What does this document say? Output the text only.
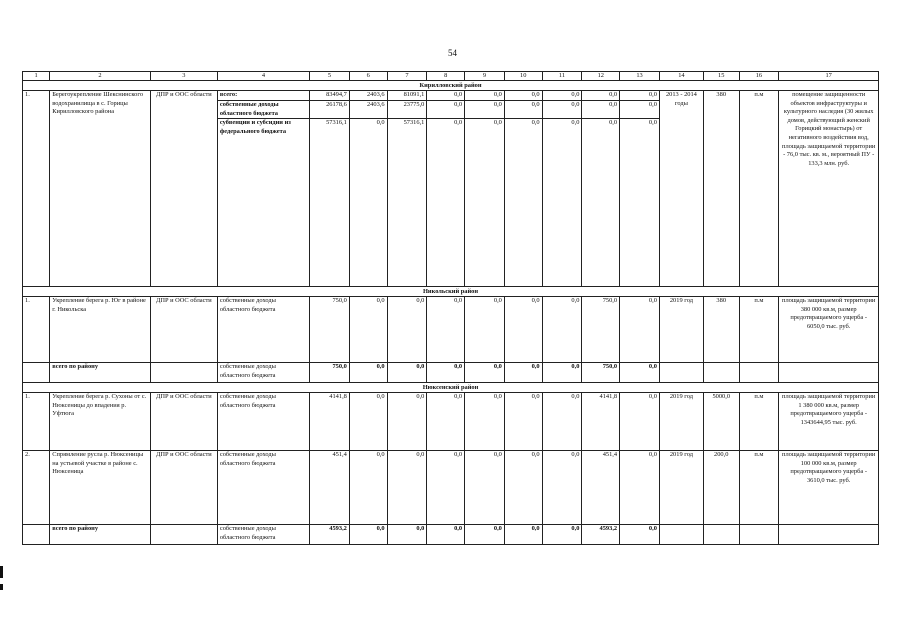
54
1	2	3	4	5	6	7	8	9	10	11	12	13	14	15	16	17
Кирилловский район																
1.	Берегоукрепление Шекснинского водохранилища в с. Горицы Кирилловского района	ДПР и ООС области	всего:	83494,7	2403,6	81091,1	0,0	0,0	0,0	0,0	0,0	0,0	2013 - 2014 годы	380	п.м	помещение защищенности объектов инфраструктуры и культурного наследия (30 жилых домов, действующий женский Горицкий монастырь) от негативного воздействия вод, площадь защищаемой территории - 76,0 тыс. кв. м., вероятный ПУ - 133,3 млн. руб.
			собственные доходы областного бюджета	26178,6	2403,6	23775,0	0,0	0,0	0,0	0,0	0,0	0,0				
			субвенции и субсидии из федерального бюджета	57316,1	0,0	57316,1	0,0	0,0	0,0	0,0	0,0	0,0				
Никольский район																
1.	Укрепление берега р. Юг в районе г. Никольска	ДПР и ООС области	собственные доходы областного бюджета	750,0	0,0	0,0	0,0	0,0	0,0	0,0	750,0	0,0	2019 год	380	п.м	площадь защищаемой территории 380 000 кв.м, размер предотвращаемого ущерба - 6050,0 тыс. руб.
	всего по району		собственные доходы областного бюджета	750,0	0,0	0,0	0,0	0,0	0,0	0,0	750,0	0,0				
Нюксенский район																
1.	Укрепление берега р. Сухоны от с. Нюксеницы до впадения р. Уфтюга	ДПР и ООС области	собственные доходы областного бюджета	4141,8	0,0	0,0	0,0	0,0	0,0	0,0	4141,8	0,0	2019 год	5000,0	п.м	площадь защищаемой территории 1 380 000 кв.м, размер предотвращаемого ущерба - 1343644,95 тыс. руб.
2.	Спрямление русла р. Нюксеницы на устьевой участке в районе с. Нюксеница	ДПР и ООС области	собственные доходы областного бюджета	451,4	0,0	0,0	0,0	0,0	0,0	0,0	451,4	0,0	2019 год	200,0	п.м	площадь защищаемой территории 100 000 кв.м, размер предотвращаемого ущерба - 3610,0 тыс. руб.
	всего по району		собственные доходы областного бюджета	4593,2	0,0	0,0	0,0	0,0	0,0	0,0	4593,2	0,0				
